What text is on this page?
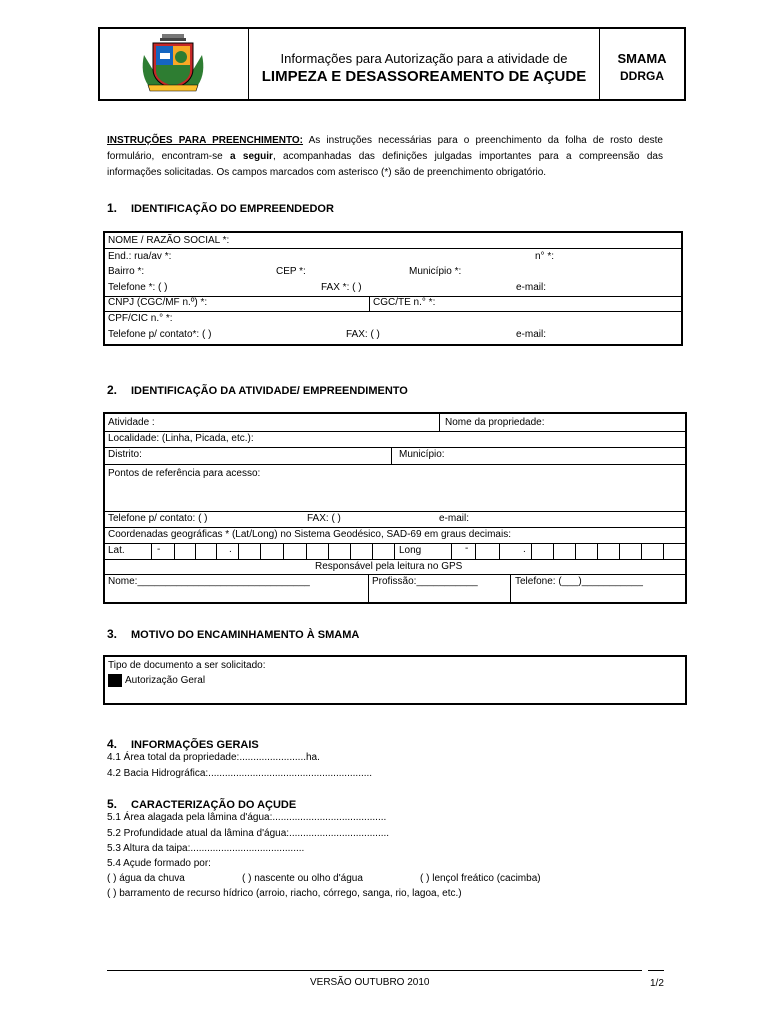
Informações para Autorização para a atividade de
LIMPEZA E DESASSOREAMENTO DE AÇUDE
SMAMA
DDRGA
INSTRUÇÕES PARA PREENCHIMENTO: As instruções necessárias para o preenchimento da folha de rosto deste formulário, encontram-se a seguir, acompanhadas das definições julgadas importantes para a compreensão das informações solicitadas. Os campos marcados com asterisco (*) são de preenchimento obrigatório.
1. IDENTIFICAÇÃO DO EMPREENDEDOR
NOME / RAZÃO SOCIAL *:
End.: rua/av *:	n° *:
Bairro *:	CEP *:	Município *:
Telefone *: ( )	FAX *: ( )	e-mail:
CNPJ (CGC/MF n.º) *:	CGC/TE n.° *:
CPF/CIC n.° *:
Telefone p/ contato*: ( )	FAX: ( )	e-mail:
2. IDENTIFICAÇÃO DA ATIVIDADE/ EMPREENDIMENTO
Atividade :	Nome da propriedade:
Localidade: (Linha, Picada, etc.):
Distrito:	Município:
Pontos de referência para acesso:
Telefone p/ contato: ( )	FAX: ( )	e-mail:
Coordenadas geográficas * (Lat/Long) no Sistema Geodésico, SAD-69 em graus decimais:
Lat.	-	.	Long	-	.
Responsável pela leitura no GPS
Nome:_______________________________	Profissão:___________	Telefone: (___)___________
3. MOTIVO DO ENCAMINHAMENTO À SMAMA
Tipo de documento a ser solicitado:
Autorização Geral
4. INFORMAÇÕES GERAIS
4.1 Área total da propriedade:........................ha.
4.2 Bacia Hidrográfica:...........................................................
5. CARACTERIZAÇÃO DO AÇUDE
5.1 Área alagada pela lâmina d'água:.........................................
5.2 Profundidade atual da lâmina d'água:....................................
5.3 Altura da taipa:.........................................
5.4 Açude formado por:
( ) água da chuva	( ) nascente ou olho d'água	( ) lençol freático (cacimba)
( ) barramento de recurso hídrico (arroio, riacho, córrego, sanga, rio, lagoa, etc.)
VERSÃO OUTUBRO 2010	1/2
